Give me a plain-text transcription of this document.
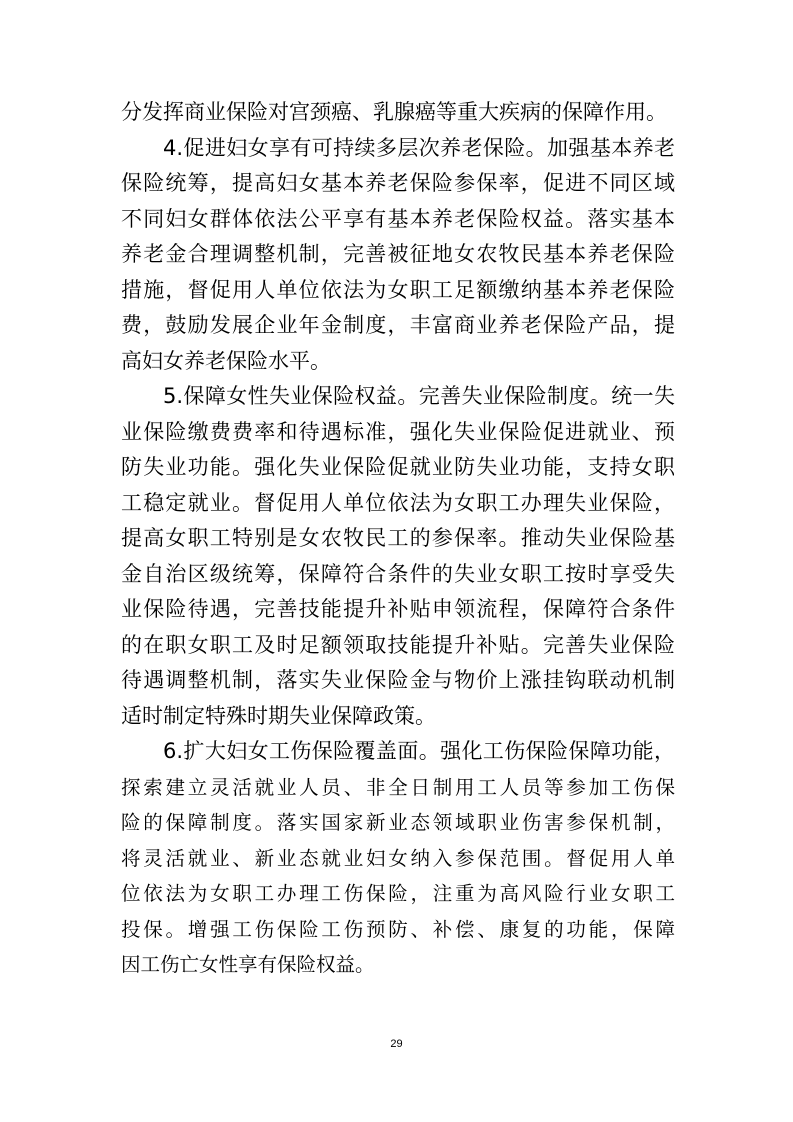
分发挥商业保险对宫颈癌、乳腺癌等重大疾病的保障作用。
4.促进妇女享有可持续多层次养老保险。加强基本养老
保险统筹，提高妇女基本养老保险参保率，促进不同区域
不同妇女群体依法公平享有基本养老保险权益。落实基本
养老金合理调整机制，完善被征地女农牧民基本养老保险
措施，督促用人单位依法为女职工足额缴纳基本养老保险
费，鼓励发展企业年金制度，丰富商业养老保险产品，提
高妇女养老保险水平。
5.保障女性失业保险权益。完善失业保险制度。统一失
业保险缴费费率和待遇标准，强化失业保险促进就业、预
防失业功能。强化失业保险促就业防失业功能，支持女职
工稳定就业。督促用人单位依法为女职工办理失业保险，
提高女职工特别是女农牧民工的参保率。推动失业保险基
金自治区级统筹，保障符合条件的失业女职工按时享受失
业保险待遇，完善技能提升补贴申领流程，保障符合条件
的在职女职工及时足额领取技能提升补贴。完善失业保险
待遇调整机制，落实失业保险金与物价上涨挂钩联动机制
适时制定特殊时期失业保障政策。
6.扩大妇女工伤保险覆盖面。强化工伤保险保障功能，
探索建立灵活就业人员、非全日制用工人员等参加工伤保
险的保障制度。落实国家新业态领域职业伤害参保机制，
将灵活就业、新业态就业妇女纳入参保范围。督促用人单
位依法为女职工办理工伤保险，注重为高风险行业女职工
投保。增强工伤保险工伤预防、补偿、康复的功能，保障
因工伤亡女性享有保险权益。
29
